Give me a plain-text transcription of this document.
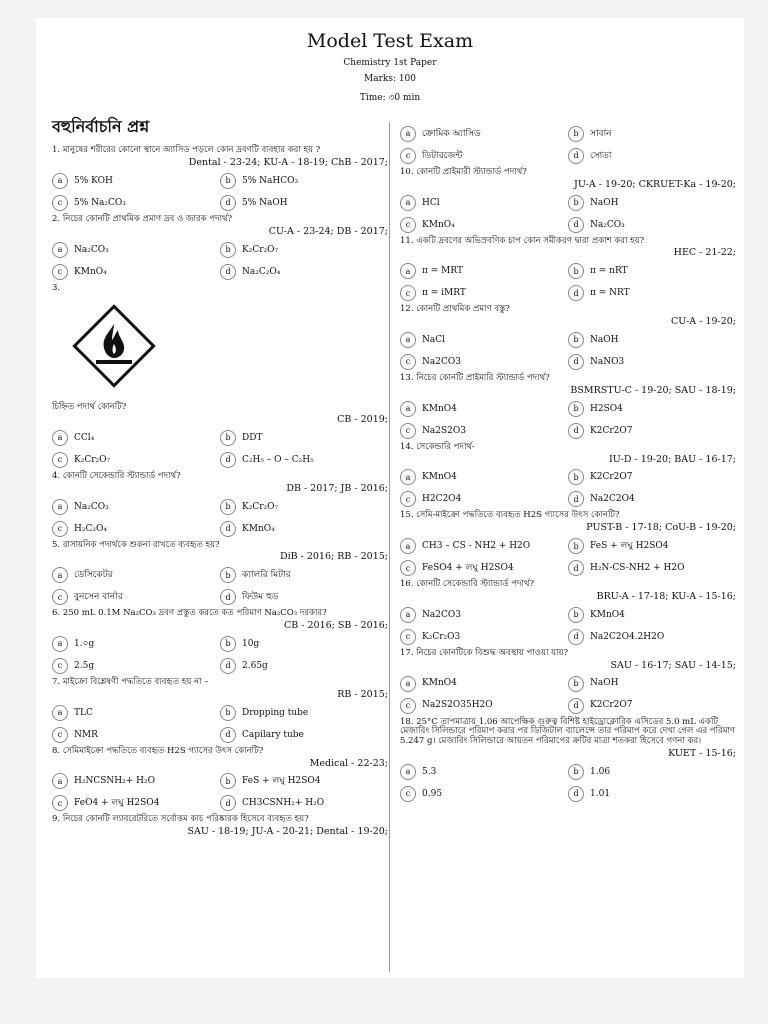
Model Test Exam
Chemistry 1st Paper
Marks: 100
Time: ৩0 min
বহুনির্বাচনি প্রশ্ন
1. মানুষের শরীরের কোনো স্থানে অ্যাসিড পড়লে কোন দ্রবণটি ব্যবহার করা হয় ?
Dental - 23-24; KU-A - 18-19; ChB - 2017;
a	5% KOH	b	5% NaHCO₃
c	5% Na₂CO₃	d	5% NaOH
2. নিচের কোনটি প্রাথমিক প্রমাণ দ্রব ও জারক পদার্থ?
CU-A - 23-24; DB - 2017;
a	Na₂CO₃	b	K₂Cr₂O₇
c	KMnO₄	d	Na₂C₂O₄
3.
চিহ্নিত পদার্থ কোনটি?
CB - 2019;
a	CCl₄	b	DDT
c	K₂Cr₂O₇	d	C₂H₅ – O – C₂H₅
4. কোনটি সেকেন্ডারি স্ট্যান্ডার্ড পদার্থ?
DB - 2017; JB - 2016;
a	Na₂CO₃	b	K₂Cr₂O₇
c	H₂C₂O₄	d	KMnO₄
5. রাসায়নিক পদার্থকে শুকনা রাখতে ব্যবহৃত হয়?
DiB - 2016; RB - 2015;
a	ডেসিকেটর	b	ক্যালরি মিটার
c	বুনসেন বার্নার	d	ফিউম হুড
6. 250 mL 0.1M Na₂CO₃ দ্রবণ প্রস্তুত করতে কত পরিমাণ Na₂CO₃ দরকার?
CB - 2016; SB - 2016;
a	1.০g	b	10g
c	2.5g	d	2.65g
7. মাইক্রো বিশ্লেষণী পদ্ধতিতে ব্যবহৃত হয় না –
RB - 2015;
a	TLC	b	Dropping tube
c	NMR	d	Capilary tube
8. সেমিমাইক্রো পদ্ধতিতে ব্যবহৃত H2S গ্যাসের উৎস কোনটি?
Medical - 22-23;
a	H₂NCSNH₂+ H₂O	b	FeS + লঘু H2SO4
c	FeO4 + লঘু H2SO4	d	CH3CSNH₂+ H₂O
9. নিচের কোনটি ল্যাবরেটরিতে সর্বোত্তম কাচ পরিষ্কারক হিসেবে ব্যবহৃত হয়?
SAU - 18-19; JU-A - 20-21; Dental - 19-20;
a	ক্রোমিক অ্যাসিড	b	সাবান
c	ডিটারজেন্ট	d	সোডা
10. কোনটি প্রাইমারী স্ট্যান্ডার্ড পদার্থ?
JU-A - 19-20; CKRUET-Ka - 19-20;
a	HCl	b	NaOH
c	KMnO₄	d	Na₂CO₃
11. একটি দ্রবণের অভিস্রবণিক চাপ কোন সমীকরণ দ্বারা প্রকাশ করা হয়?
HEC - 21-22;
a	π = MRT	b	π = nRT
c	π = iMRT	d	π = NRT
12. কোনটি প্রাথমিক প্রমাণ বস্তু?
CU-A - 19-20;
a	NaCl	b	NaOH
c	Na2CO3	d	NaNO3
13. নিচের কোনটি প্রাইমারি স্ট্যান্ডার্ড পদার্থ?
BSMRSTU-C - 19-20; SAU - 18-19;
a	KMnO4	b	H2SO4
c	Na2S2O3	d	K2Cr2O7
14. সেকেন্ডারি পদার্থ-
IU-D - 19-20; BAU - 16-17;
a	KMnO4	b	K2Cr2O7
c	H2C2O4	d	Na2C2O4
15. সেমি-মাইক্রো পদ্ধতিতে ব্যবহৃত H2S গ্যাসের উৎস কোনটি?
PUST-B - 17-18; CoU-B - 19-20;
a	CH3 – CS - NH2 + H2O	b	FeS + লঘু H2SO4
c	FeSO4 + লঘু H2SO4	d	H₂N-CS-NH2 + H2O
16. কোনটি সেকেন্ডারি স্ট্যান্ডার্ড পদার্থ?
BRU-A - 17-18; KU-A - 15-16;
a	Na2CO3	b	KMnO4
c	K₂Cr₂O3	d	Na2C2O4.2H2O
17. নিচের কোনটিকে বিশুদ্ধ অবস্থায় পাওয়া যায়?
SAU - 16-17; SAU - 14-15;
a	KMnO4	b	NaOH
c	Na2S2O35H2O	d	K2Cr2O7
18. 25°C তাপমাত্রায় 1.06 আপেক্ষিক গুরুত্ব বিশিষ্ট হাইড্রোক্লোরিক এসিডের 5.0 mL একটি মেজারিং সিলিন্ডারে পরিমাপ করার পর ডিজিটাল ব্যালেন্সে তার পরিমাপ করে দেখা গেল এর পরিমাণ 5.247 g। মেজারিং সিলিন্ডারে আয়তন পরিমাপের ক্রটির মাত্রা শতকরা হিসেবে গণনা কর।
KUET - 15-16;
a	5.3	b	1.06
c	0.95	d	1.01
